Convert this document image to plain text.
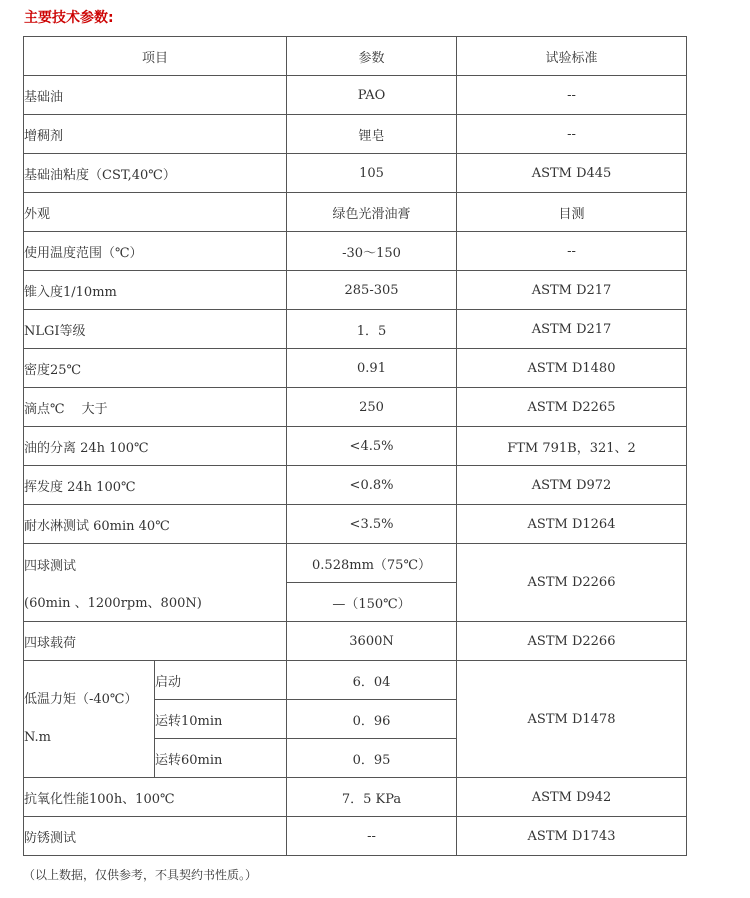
主要技术参数:
项目		参数	试验标准
基础油		PAO	--
增稠剂		锂皂	--
基础油粘度（CST,40℃）		105	ASTM D445
外观		绿色光滑油膏	目测
使用温度范围（℃）		-30～150	--
锥入度1/10mm		285-305	ASTM D217
NLGI等级		1．5	ASTM D217
密度25℃		0.91	ASTM D1480
滴点℃　 大于		250	ASTM D2265
油的分离 24h 100℃		<4.5%	FTM 791B，321、2
挥发度 24h 100℃		<0.8%	ASTM D972
耐水淋测试 60min 40℃		<3.5%	ASTM D1264

四球测试
(60min 、1200rpm、800N)		0.528mm（75℃）	ASTM D2266
		—（150℃）	
四球载荷		3600N	ASTM D2266
低温力矩（-40℃）N.m	启动	6．04	ASTM D1478
	运转10min	0．96	
	运转60min	0．95	
抗氧化性能100h、100℃		7．5 KPa	ASTM D942
防锈测试		--	ASTM D1743
（以上数据，仅供参考，不具契约书性质。）
